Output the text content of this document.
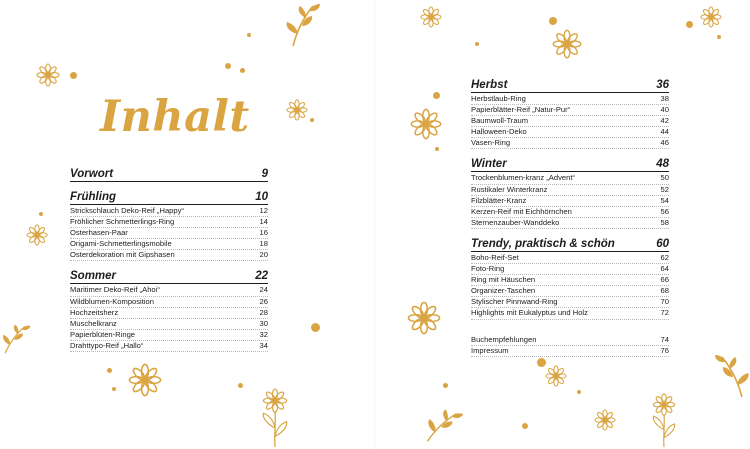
Inhalt
Vorwort	9
Frühling	10
Strickschlauch Deko-Reif „Happy“	12
Fröhlicher Schmetterlings-Ring	14
Osterhasen-Paar	16
Origami-Schmetterlingsmobile	18
Osterdekoration mit Gipshasen	20
Sommer	22
Maritimer Deko-Reif „Ahoi“	24
Wildblumen-Komposition	26
Hochzeitsherz	28
Muschelkranz	30
Papierblüten-Ringe	32
Drahttypo-Reif „Hallo“	34
Herbst	36
Herbstlaub-Ring	38
Papierblätter-Reif „Natur-Pur“	40
Baumwoll-Traum	42
Halloween-Deko	44
Vasen-Ring	46
Winter	48
Trockenblumen-kranz „Advent“	50
Rustikaler Winterkranz	52
Filzblätter-Kranz	54
Kerzen-Reif mit Eichhörnchen	56
Sternenzauber-Wanddeko	58
Trendy, praktisch & schön	60
Boho-Reif-Set	62
Foto-Ring	64
Ring mit Häuschen	66
Organizer-Taschen	68
Stylischer Pinnwand-Ring	70
Highlights mit Eukalyptus und Holz	72
Buchempfehlungen	74
Impressum	76
